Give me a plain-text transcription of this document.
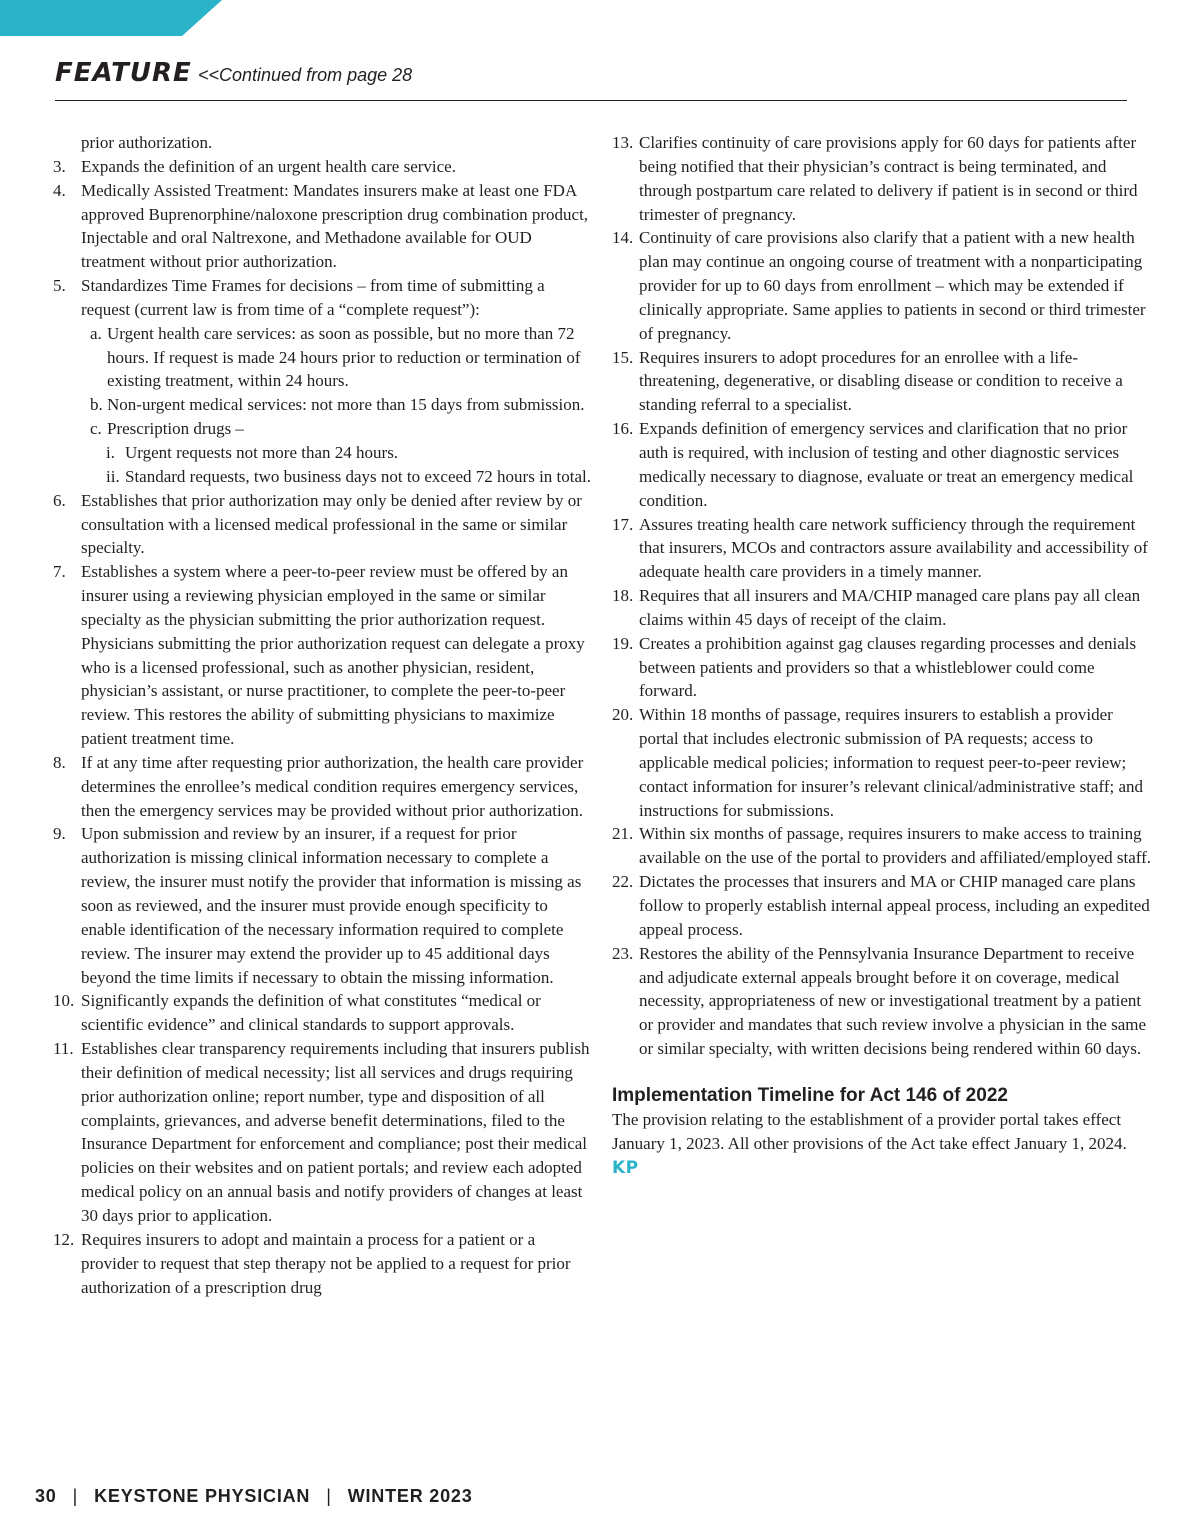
FEATURE <<Continued from page 28
prior authorization.
3. Expands the definition of an urgent health care service.
4. Medically Assisted Treatment: Mandates insurers make at least one FDA approved Buprenorphine/naloxone prescription drug combination product, Injectable and oral Naltrexone, and Methadone available for OUD treatment without prior authorization.
5. Standardizes Time Frames for decisions – from time of submitting a request (current law is from time of a “complete request”):
a. Urgent health care services: as soon as possible, but no more than 72 hours. If request is made 24 hours prior to reduction or termination of existing treatment, within 24 hours.
b. Non-urgent medical services: not more than 15 days from submission.
c. Prescription drugs –
i. Urgent requests not more than 24 hours.
ii. Standard requests, two business days not to exceed 72 hours in total.
6. Establishes that prior authorization may only be denied after review by or consultation with a licensed medical professional in the same or similar specialty.
7. Establishes a system where a peer-to-peer review must be offered by an insurer using a reviewing physician employed in the same or similar specialty as the physician submitting the prior authorization request. Physicians submitting the prior authorization request can delegate a proxy who is a licensed professional, such as another physician, resident, physician’s assistant, or nurse practitioner, to complete the peer-to-peer review. This restores the ability of submitting physicians to maximize patient treatment time.
8. If at any time after requesting prior authorization, the health care provider determines the enrollee’s medical condition requires emergency services, then the emergency services may be provided without prior authorization.
9. Upon submission and review by an insurer, if a request for prior authorization is missing clinical information necessary to complete a review, the insurer must notify the provider that information is missing as soon as reviewed, and the insurer must provide enough specificity to enable identification of the necessary information required to complete review. The insurer may extend the provider up to 45 additional days beyond the time limits if necessary to obtain the missing information.
10. Significantly expands the definition of what constitutes “medical or scientific evidence” and clinical standards to support approvals.
11. Establishes clear transparency requirements including that insurers publish their definition of medical necessity; list all services and drugs requiring prior authorization online; report number, type and disposition of all complaints, grievances, and adverse benefit determinations, filed to the Insurance Department for enforcement and compliance; post their medical policies on their websites and on patient portals; and review each adopted medical policy on an annual basis and notify providers of changes at least 30 days prior to application.
12. Requires insurers to adopt and maintain a process for a patient or a provider to request that step therapy not be applied to a request for prior authorization of a prescription drug
13. Clarifies continuity of care provisions apply for 60 days for patients after being notified that their physician’s contract is being terminated, and through postpartum care related to delivery if patient is in second or third trimester of pregnancy.
14. Continuity of care provisions also clarify that a patient with a new health plan may continue an ongoing course of treatment with a nonparticipating provider for up to 60 days from enrollment – which may be extended if clinically appropriate. Same applies to patients in second or third trimester of pregnancy.
15. Requires insurers to adopt procedures for an enrollee with a life-threatening, degenerative, or disabling disease or condition to receive a standing referral to a specialist.
16. Expands definition of emergency services and clarification that no prior auth is required, with inclusion of testing and other diagnostic services medically necessary to diagnose, evaluate or treat an emergency medical condition.
17. Assures treating health care network sufficiency through the requirement that insurers, MCOs and contractors assure availability and accessibility of adequate health care providers in a timely manner.
18. Requires that all insurers and MA/CHIP managed care plans pay all clean claims within 45 days of receipt of the claim.
19. Creates a prohibition against gag clauses regarding processes and denials between patients and providers so that a whistleblower could come forward.
20. Within 18 months of passage, requires insurers to establish a provider portal that includes electronic submission of PA requests; access to applicable medical policies; information to request peer-to-peer review; contact information for insurer’s relevant clinical/administrative staff; and instructions for submissions.
21. Within six months of passage, requires insurers to make access to training available on the use of the portal to providers and affiliated/employed staff.
22. Dictates the processes that insurers and MA or CHIP managed care plans follow to properly establish internal appeal process, including an expedited appeal process.
23. Restores the ability of the Pennsylvania Insurance Department to receive and adjudicate external appeals brought before it on coverage, medical necessity, appropriateness of new or investigational treatment by a patient or provider and mandates that such review involve a physician in the same or similar specialty, with written decisions being rendered within 60 days.
Implementation Timeline for Act 146 of 2022
The provision relating to the establishment of a provider portal takes effect January 1, 2023. All other provisions of the Act take effect January 1, 2024. KP
30 | KEYSTONE PHYSICIAN | WINTER 2023
